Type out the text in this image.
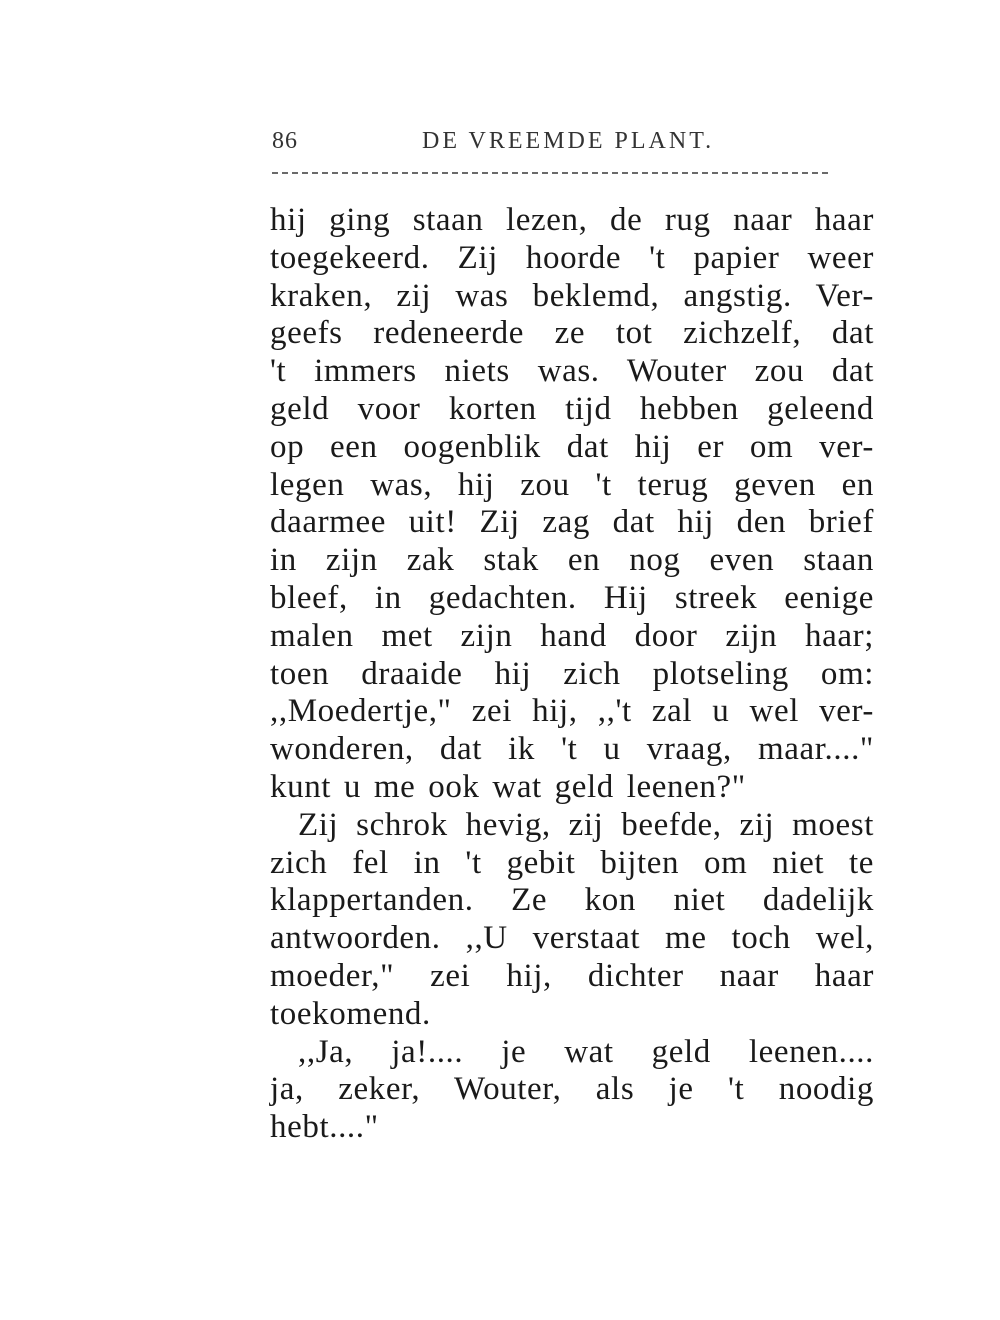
86	DE VREEMDE PLANT.
hij ging staan lezen, de rug naar haar
toegekeerd. Zij hoorde 't papier weer
kraken, zij was beklemd, angstig. Ver-
geefs redeneerde ze tot zichzelf, dat
't immers niets was. Wouter zou dat
geld voor korten tijd hebben geleend
op een oogenblik dat hij er om ver-
legen was, hij zou 't terug geven en
daarmee uit! Zij zag dat hij den brief
in zijn zak stak en nog even staan
bleef, in gedachten. Hij streek eenige
malen met zijn hand door zijn haar;
toen draaide hij zich plotseling om:
,,Moedertje," zei hij, ,,'t zal u wel ver-
wonderen, dat ik 't u vraag, maar...."
kunt u me ook wat geld leenen?"
Zij schrok hevig, zij beefde, zij moest
zich fel in 't gebit bijten om niet te
klappertanden. Ze kon niet dadelijk
antwoorden. ,,U verstaat me toch wel,
moeder," zei hij, dichter naar haar
toekomend.
,,Ja, ja!.... je wat geld leenen....
ja, zeker, Wouter, als je 't noodig
hebt...."
